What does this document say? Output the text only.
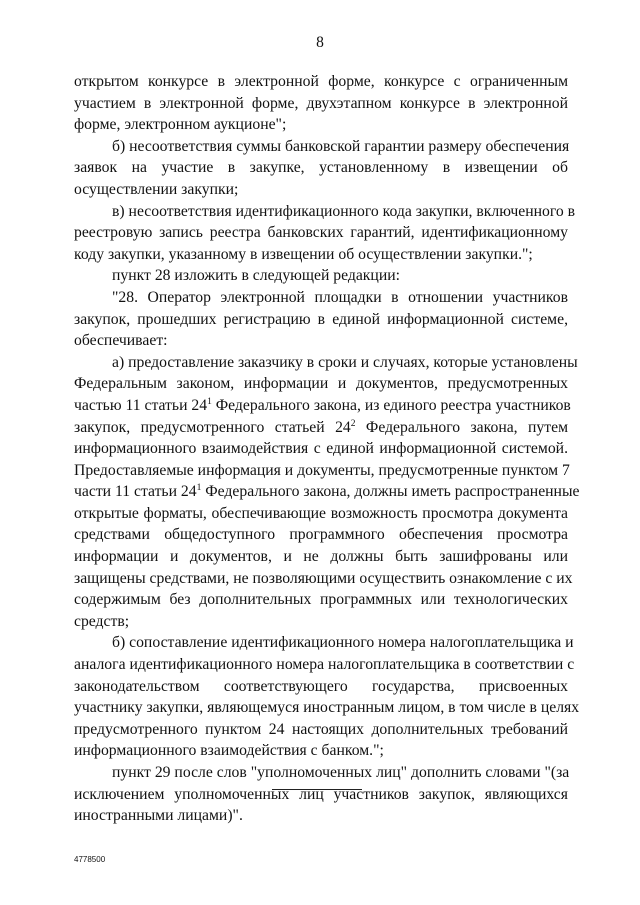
8
открытом конкурсе в электронной форме, конкурсе с ограниченным
участием в электронной форме, двухэтапном конкурсе в электронной
форме, электронном аукционе";
б) несоответствия суммы банковской гарантии размеру обеспечения
заявок на участие в закупке, установленному в извещении об
осуществлении закупки;
в) несоответствия идентификационного кода закупки, включенного в
реестровую запись реестра банковских гарантий, идентификационному
коду закупки, указанному в извещении об осуществлении закупки.";
пункт 28 изложить в следующей редакции:
"28. Оператор электронной площадки в отношении участников
закупок, прошедших регистрацию в единой информационной системе,
обеспечивает:
а) предоставление заказчику в сроки и случаях, которые установлены
Федеральным законом, информации и документов, предусмотренных
частью 11 статьи $24^1$ Федерального закона, из единого реестра участников
закупок, предусмотренного статьей $24^2$ Федерального закона, путем
информационного взаимодействия с единой информационной системой.
Предоставляемые информация и документы, предусмотренные пунктом 7
части 11 статьи $24^1$ Федерального закона, должны иметь распространенные
открытые форматы, обеспечивающие возможность просмотра документа
средствами общедоступного программного обеспечения просмотра
информации и документов, и не должны быть зашифрованы или
защищены средствами, не позволяющими осуществить ознакомление с их
содержимым без дополнительных программных или технологических
средств;
б) сопоставление идентификационного номера налогоплательщика и
аналога идентификационного номера налогоплательщика в соответствии с
законодательством соответствующего государства, присвоенных
участнику закупки, являющемуся иностранным лицом, в том числе в целях
предусмотренного пунктом 24 настоящих дополнительных требований
информационного взаимодействия с банком.";
пункт 29 после слов "уполномоченных лиц" дополнить словами "(за
исключением уполномоченных лиц участников закупок, являющихся
иностранными лицами)".
4778500
